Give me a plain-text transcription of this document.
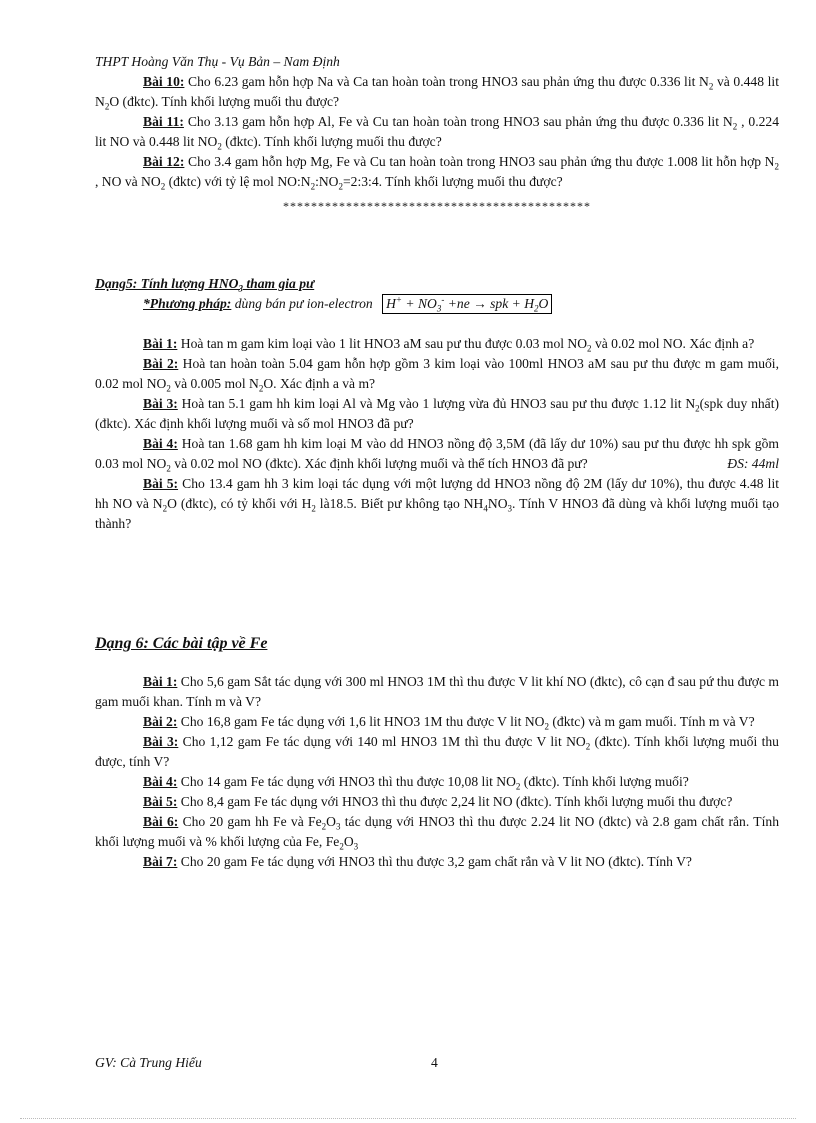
THPT Hoàng Văn Thụ - Vụ Bản – Nam Định

Bài 10: Cho 6.23 gam hỗn hợp Na và Ca tan hoàn toàn trong HNO3 sau phản ứng thu được 0.336 lit $N_2$ và 0.448 lit $N_2O$ (đktc). Tính khối lượng muối thu được?

Bài 11: Cho 3.13 gam hỗn hợp Al, Fe và Cu tan hoàn toàn trong HNO3 sau phản ứng thu được 0.336 lit $N_2$ , 0.224 lit NO và 0.448 lit $NO_2$ (đktc). Tính khối lượng muối thu được?

Bài 12: Cho 3.4 gam hỗn hợp Mg, Fe và Cu tan hoàn toàn trong HNO3 sau phản ứng thu được 1.008 lit hỗn hợp $N_2$ , NO và $NO_2$ (đktc) với tỷ lệ mol $NO:N_2:NO_2=2:3:4$. Tính khối lượng muối thu được?

********************************************
Dạng5: Tính lượng $HNO_3$ tham gia pư
*Phương pháp: dùng bán pư ion-electron $H^+ + NO_3^- +ne$ → spk + $H_2O$

Bài 1: Hoà tan m gam kim loại vào 1 lit HNO3 aM sau pư thu được 0.03 mol $NO_2$ và 0.02 mol NO. Xác định a?

Bài 2: Hoà tan hoàn toàn 5.04 gam hỗn hợp gồm 3 kim loại vào 100ml HNO3 aM sau pư thu được m gam muối, 0.02 mol $NO_2$ và 0.005 mol $N_2O$. Xác định a và m?

Bài 3: Hoà tan 5.1 gam hh kim loại Al và Mg vào 1 lượng vừa đủ HNO3 sau pư thu được 1.12 lit $N_2(spk$ duy nhất) (đktc). Xác định khối lượng muối và số mol HNO3 đã pư?

Bài 4: Hoà tan 1.68 gam hh kim loại M vào dd HNO3 nồng độ 3,5M (đã lấy dư 10%) sau pư thu được hh spk gồm 0.03 mol $NO_2$ và 0.02 mol NO (đktc). Xác định khối lượng muối và thể tích HNO3 đã pư?	ĐS: 44ml

Bài 5: Cho 13.4 gam hh 3 kim loại tác dụng với một lượng dd HNO3 nồng độ 2M (lấy dư 10%), thu được 4.48 lit hh NO và $N_2O$ (đktc), có tỷ khối với $H_2$ là18.5. Biết pư không tạo $NH_4NO_3$. Tính V HNO3 đã dùng và khối lượng muối tạo thành?

Dạng 6: Các bài tập về Fe

Bài 1: Cho 5,6 gam Sắt tác dụng với 300 ml HNO3 1M thì thu được V lit khí NO (đktc), cô cạn đ sau pứ thu được m gam muối khan. Tính m và V?

Bài 2: Cho 16,8 gam Fe tác dụng với 1,6 lit HNO3 1M thu được V lit $NO_2$ (đktc) và m gam muối. Tính m và V?

Bài 3: Cho 1,12 gam Fe tác dụng với 140 ml HNO3 1M thì thu được V lit $NO_2$ (đktc). Tính khối lượng muối thu được, tính V?

Bài 4: Cho 14 gam Fe tác dụng với HNO3 thì thu được 10,08 lit $NO_2$ (đktc). Tính khối lượng muối?

Bài 5: Cho 8,4 gam Fe tác dụng với HNO3 thì thu được 2,24 lit NO (đktc). Tính khối lượng muối thu được?

Bài 6: Cho 20 gam hh Fe và $Fe_2O_3$ tác dụng với HNO3 thì thu được 2.24 lit NO (đktc) và 2.8 gam chất rắn. Tính khối lượng muối và % khối lượng của Fe, $Fe_2O_3$

Bài 7: Cho 20 gam Fe tác dụng với HNO3 thì thu được 3,2 gam chất rắn và V lit NO (đktc). Tính V?

GV: Cà Trung Hiếu	4
